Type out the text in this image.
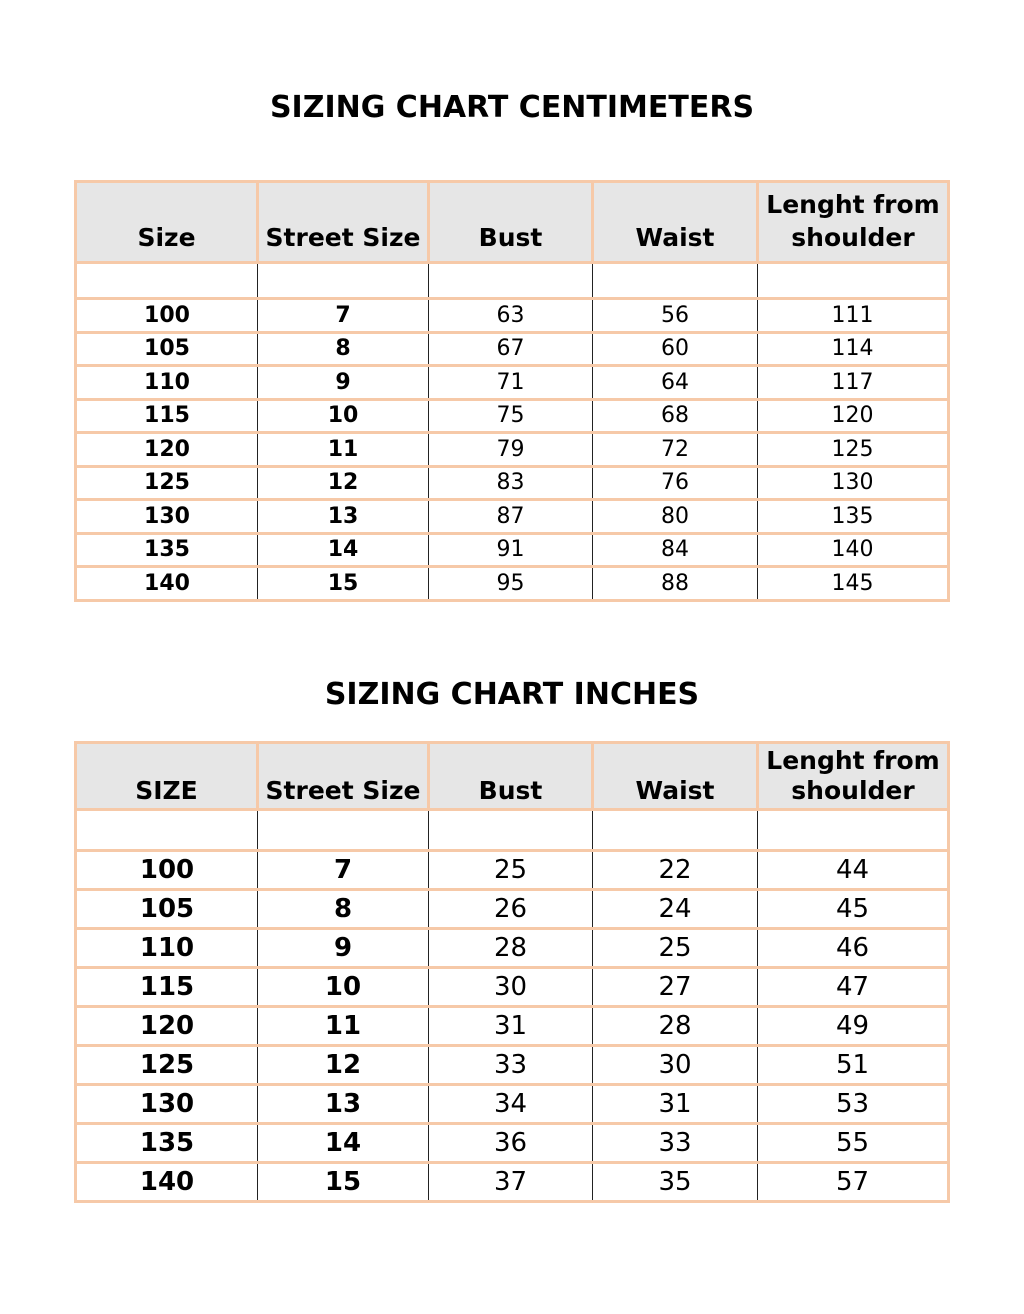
SIZING CHART CENTIMETERS
Size	Street Size	Bust	Waist	Lenght from shoulder

100	7	63	56	111
105	8	67	60	114
110	9	71	64	117
115	10	75	68	120
120	11	79	72	125
125	12	83	76	130
130	13	87	80	135
135	14	91	84	140
140	15	95	88	145
SIZING CHART INCHES
SIZE	Street Size	Bust	Waist	Lenght from shoulder

100	7	25	22	44
105	8	26	24	45
110	9	28	25	46
115	10	30	27	47
120	11	31	28	49
125	12	33	30	51
130	13	34	31	53
135	14	36	33	55
140	15	37	35	57
